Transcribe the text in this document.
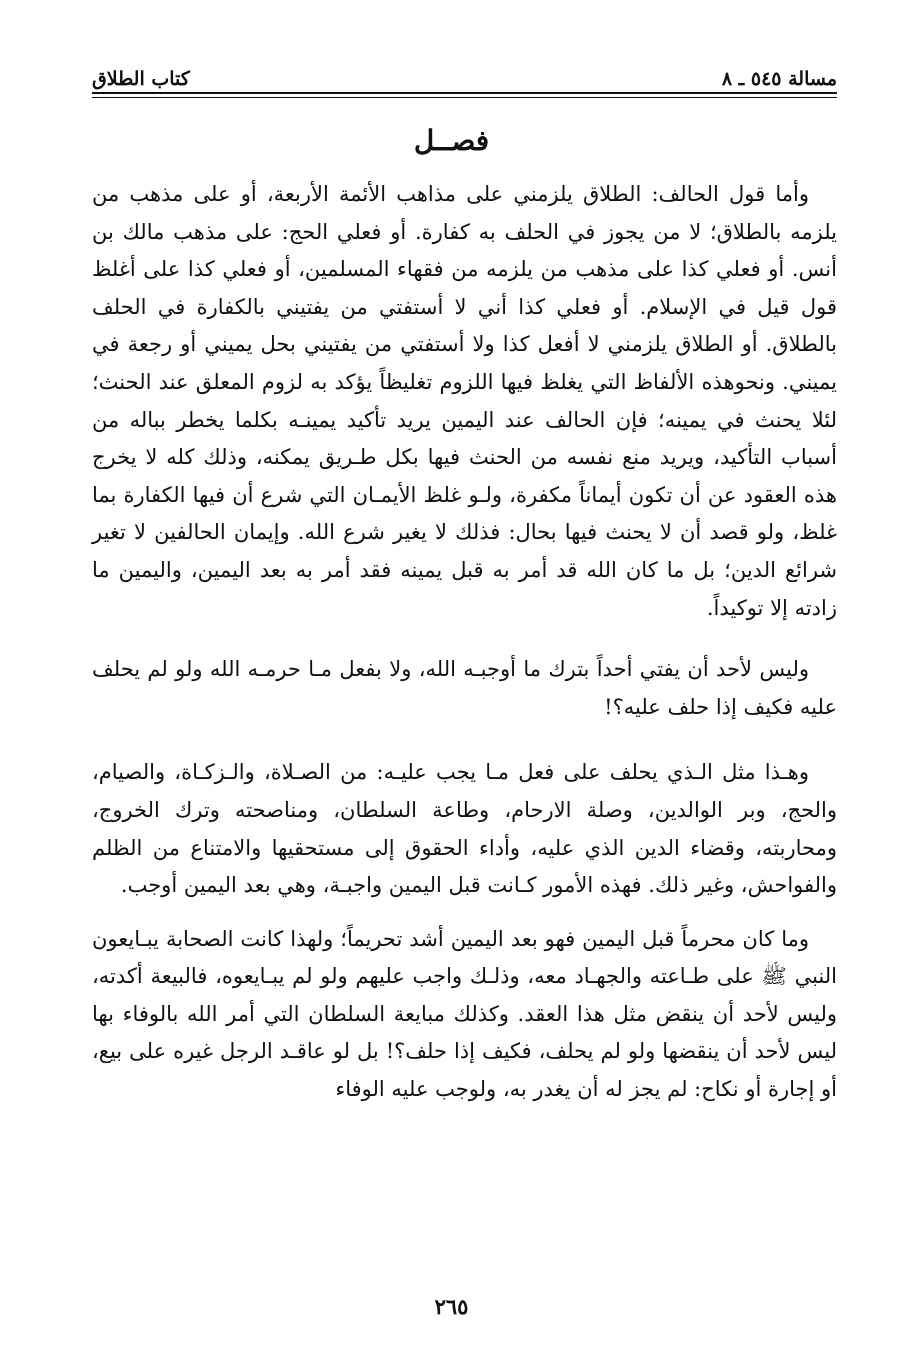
مسالة ٥٤٥ ـ ٨
كتاب الطلاق
فصــل

وأما قول الحالف: الطلاق يلزمني على مذاهب الأئمة الأربعة، أو على مذهب من يلزمه بالطلاق؛ لا من يجوز في الحلف به كفارة. أو فعلي الحج: على مذهب مالك بن أنس. أو فعلي كذا على مذهب من يلزمه من فقهاء المسلمين، أو فعلي كذا على أغلظ قول قيل في الإسلام. أو فعلي كذا أني لا أستفتي من يفتيني بالكفارة في الحلف بالطلاق. أو الطلاق يلزمني لا أفعل كذا ولا أستفتي من يفتيني بحل يميني أو رجعة في يميني. ونحوهذه الألفاظ التي يغلظ فيها اللزوم تغليظاً يؤكد به لزوم المعلق عند الحنث؛ لئلا يحنث في يمينه؛ فإن الحالف عند اليمين يريد تأكيد يمينـه بكلما يخطر بباله من أسباب التأكيد، ويريد منع نفسه من الحنث فيها بكل طـريق يمكنه، وذلك كله لا يخرج هذه العقود عن أن تكون أيماناً مكفرة، ولـو غلظ الأيمـان التي شرع أن فيها الكفارة بما غلظ، ولو قصد أن لا يحنث فيها بحال: فذلك لا يغير شرع الله. وإيمان الحالفين لا تغير شرائع الدين؛ بل ما كان الله قد أمر به قبل يمينه فقد أمر به بعد اليمين، واليمين ما زادته إلا توكيداً.

وليس لأحد أن يفتي أحداً بترك ما أوجبـه الله، ولا بفعل مـا حرمـه الله ولو لم يحلف عليه فكيف إذا حلف عليه؟!

وهـذا مثل الـذي يحلف على فعل مـا يجب عليـه: من الصـلاة، والـزكـاة، والصيام، والحج، وبر الوالدين، وصلة الارحام، وطاعة السلطان، ومناصحته وترك الخروج، ومحاربته، وقضاء الدين الذي عليه، وأداء الحقوق إلى مستحقيها والامتناع من الظلم والفواحش، وغير ذلك. فهذه الأمور كـانت قبل اليمين واجبـة، وهي بعد اليمين أوجب.

وما كان محرماً قبل اليمين فهو بعد اليمين أشد تحريماً؛ ولهذا كانت الصحابة يبـايعون النبي ﷺ على طـاعته والجهـاد معه، وذلـك واجب عليهم ولو لم يبـايعوه، فالبيعة أكدته، وليس لأحد أن ينقض مثل هذا العقد. وكذلك مبايعة السلطان التي أمر الله بالوفاء بها ليس لأحد أن ينقضها ولو لم يحلف، فكيف إذا حلف؟! بل لو عاقـد الرجل غيره على بيع، أو إجارة أو نكاح: لم يجز له أن يغدر به، ولوجب عليه الوفاء

٢٦٥
